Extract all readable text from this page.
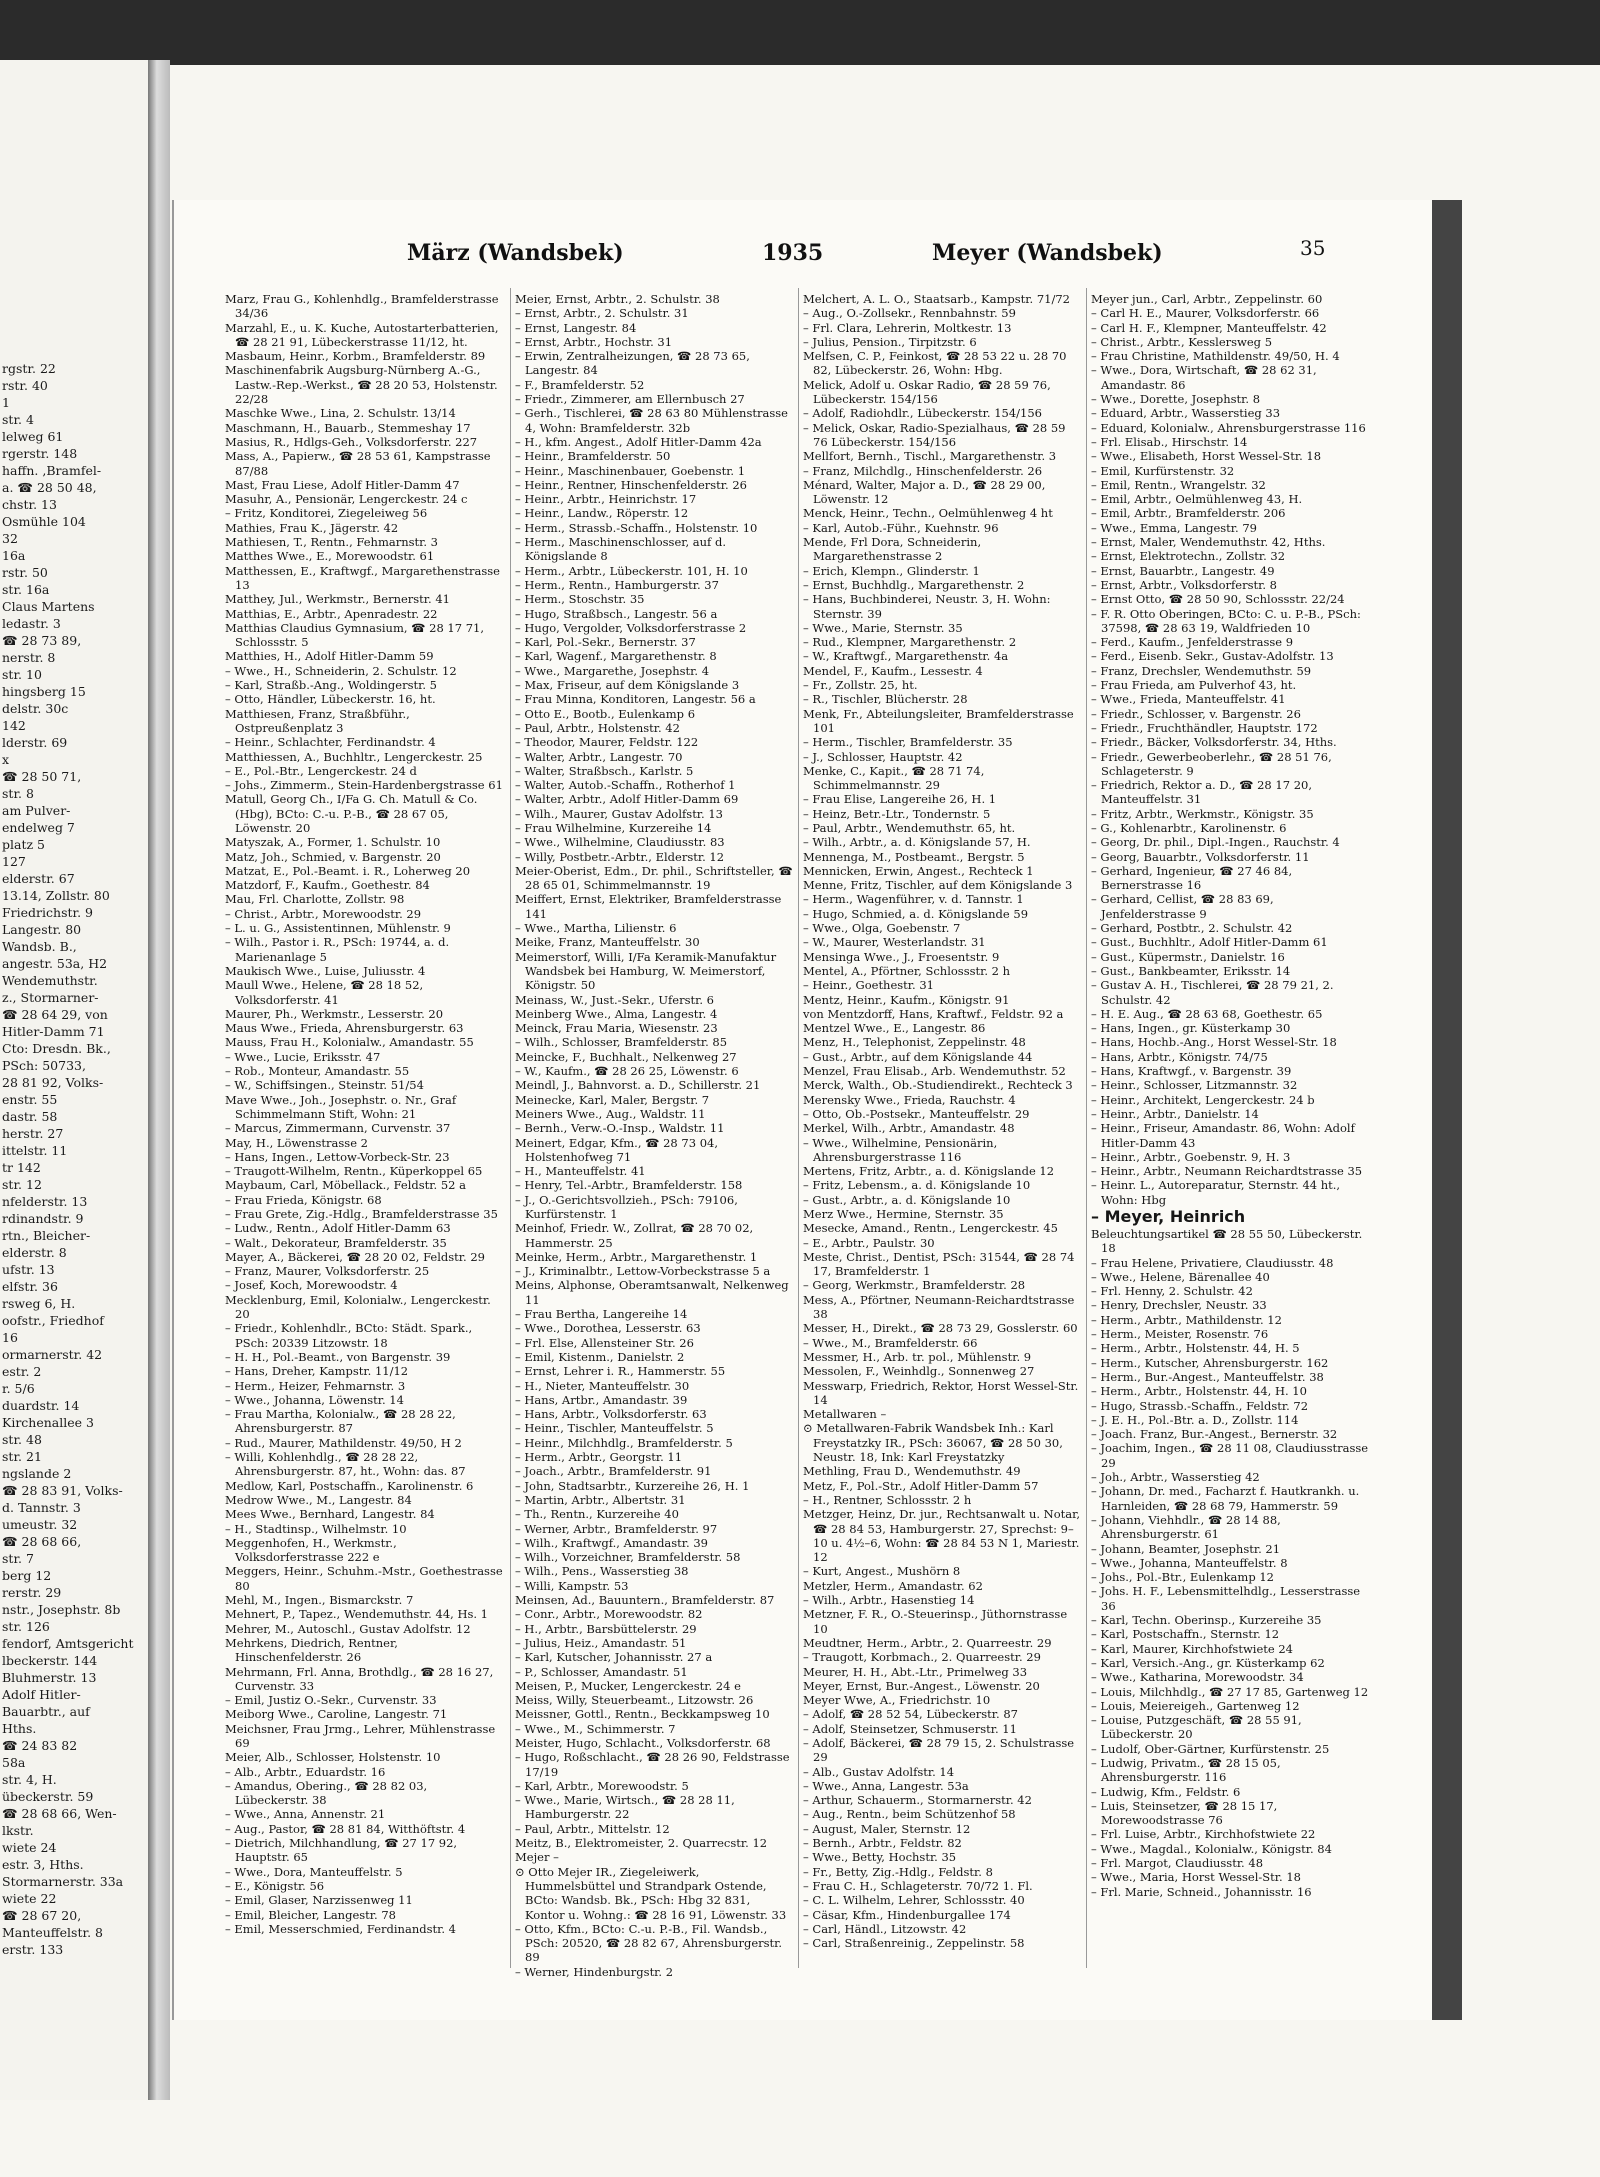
rgstr. 22
rstr. 40
1
str. 4
lelweg 61
rgerstr. 148
haffn. ,Bramfel-
a. ☎ 28 50 48,
chstr. 13
Osmühle 104
32
16a
rstr. 50
str. 16a
Claus Martens
ledastr. 3
☎ 28 73 89,
nerstr. 8
str. 10
hingsberg 15
delstr. 30c
142
lderstr. 69
x
☎ 28 50 71,
str. 8
am Pulver-
endelweg 7
platz 5
127
elderstr. 67
13.14, Zollstr. 80
Friedrichstr. 9
Langestr. 80
Wandsb. B.,
angestr. 53a, H2
Wendemuthstr.
z., Stormarner-
☎ 28 64 29, von
Hitler-Damm 71
Cto: Dresdn. Bk.,
PSch: 50733,
28 81 92, Volks-
enstr. 55
dastr. 58
herstr. 27
ittelstr. 11
tr 142
str. 12
nfelderstr. 13
rdinandstr. 9
rtn., Bleicher-
elderstr. 8
ufstr. 13
elfstr. 36
rsweg 6, H.
oofstr., Friedhof
16
ormarnerstr. 42
estr. 2
r. 5/6
duardstr. 14
Kirchenallee 3
str. 48
str. 21
ngslande 2
☎ 28 83 91, Volks-
d. Tannstr. 3
umeustr. 32
☎ 28 68 66,
str. 7
berg 12
rerstr. 29
nstr., Josephstr. 8b
str. 126
fendorf, Amtsgericht
lbeckerstr. 144
Bluhmerstr. 13
Adolf Hitler-
Bauarbtr., auf
Hths.
☎ 24 83 82
58a
str. 4, H.
übeckerstr. 59
☎ 28 68 66, Wen-
lkstr.
wiete 24
estr. 3, Hths.
Stormarnerstr. 33a
wiete 22
☎ 28 67 20,
Manteuffelstr. 8
erstr. 133
März (Wandsbek)	1935	Meyer (Wandsbek)	35

Marz, Frau G., Kohlenhdlg., Bramfelderstrasse 34/36

Marzahl, E., u. K. Kuche, Autostarterbatterien, ☎ 28 21 91, Lübeckerstrasse 11/12, ht.

Masbaum, Heinr., Korbm., Bramfelderstr. 89

Maschinenfabrik Augsburg-Nürnberg A.-G., Lastw.-Rep.-Werkst., ☎ 28 20 53, Holstenstr. 22/28

Maschke Wwe., Lina, 2. Schulstr. 13/14

Maschmann, H., Bauarb., Stemmeshay 17

Masius, R., Hdlgs-Geh., Volksdorferstr. 227

Mass, A., Papierw., ☎ 28 53 61, Kampstrasse 87/88

Mast, Frau Liese, Adolf Hitler-Damm 47

Masuhr, A., Pensionär, Lengerckestr. 24 c

– Fritz, Konditorei, Ziegeleiweg 56

Mathies, Frau K., Jägerstr. 42

Mathiesen, T., Rentn., Fehmarnstr. 3

Matthes Wwe., E., Morewoodstr. 61

Matthessen, E., Kraftwgf., Margarethenstrasse 13

Matthey, Jul., Werkmstr., Bernerstr. 41

Matthias, E., Arbtr., Apenradestr. 22

Matthias Claudius Gymnasium, ☎ 28 17 71, Schlossstr. 5

Matthies, H., Adolf Hitler-Damm 59

– Wwe., H., Schneiderin, 2. Schulstr. 12

– Karl, Straßb.-Ang., Woldingerstr. 5

– Otto, Händler, Lübeckerstr. 16, ht.

Matthiesen, Franz, Straßbführ., Ostpreußenplatz 3

– Heinr., Schlachter, Ferdinandstr. 4

Matthiessen, A., Buchhltr., Lengerckestr. 25

– E., Pol.-Btr., Lengerckestr. 24 d

– Johs., Zimmerm., Stein-Hardenbergstrasse 61

Matull, Georg Ch., I/Fa G. Ch. Matull & Co. (Hbg), BCto: C.-u. P.-B., ☎ 28 67 05, Löwenstr. 20

Matyszak, A., Former, 1. Schulstr. 10

Matz, Joh., Schmied, v. Bargenstr. 20

Matzat, E., Pol.-Beamt. i. R., Loherweg 20

Matzdorf, F., Kaufm., Goethestr. 84

Mau, Frl. Charlotte, Zollstr. 98

– Christ., Arbtr., Morewoodstr. 29

– L. u. G., Assistentinnen, Mühlenstr. 9

– Wilh., Pastor i. R., PSch: 19744, a. d. Marienanlage 5

Maukisch Wwe., Luise, Juliusstr. 4

Maull Wwe., Helene, ☎ 28 18 52, Volksdorferstr. 41

Maurer, Ph., Werkmstr., Lesserstr. 20

Maus Wwe., Frieda, Ahrensburgerstr. 63

Mauss, Frau H., Kolonialw., Amandastr. 55

– Wwe., Lucie, Eriksstr. 47

– Rob., Monteur, Amandastr. 55

– W., Schiffsingen., Steinstr. 51/54

Mave Wwe., Joh., Josephstr. o. Nr., Graf Schimmelmann Stift, Wohn: 21

– Marcus, Zimmermann, Curvenstr. 37

May, H., Löwenstrasse 2

– Hans, Ingen., Lettow-Vorbeck-Str. 23

– Traugott-Wilhelm, Rentn., Küperkoppel 65

Maybaum, Carl, Möbellack., Feldstr. 52 a

– Frau Frieda, Königstr. 68

– Frau Grete, Zig.-Hdlg., Bramfelderstrasse 35

– Ludw., Rentn., Adolf Hitler-Damm 63

– Walt., Dekorateur, Bramfelderstr. 35

Mayer, A., Bäckerei, ☎ 28 20 02, Feldstr. 29

– Franz, Maurer, Volksdorferstr. 25

– Josef, Koch, Morewoodstr. 4

Mecklenburg, Emil, Kolonialw., Lengerckestr. 20

– Friedr., Kohlenhdlr., BCto: Städt. Spark., PSch: 20339 Litzowstr. 18

– H. H., Pol.-Beamt., von Bargenstr. 39

– Hans, Dreher, Kampstr. 11/12

– Herm., Heizer, Fehmarnstr. 3

– Wwe., Johanna, Löwenstr. 14

– Frau Martha, Kolonialw., ☎ 28 28 22, Ahrensburgerstr. 87

– Rud., Maurer, Mathildenstr. 49/50, H 2

– Willi, Kohlenhdlg., ☎ 28 28 22, Ahrensburgerstr. 87, ht., Wohn: das. 87

Medlow, Karl, Postschaffn., Karolinenstr. 6

Medrow Wwe., M., Langestr. 84

Mees Wwe., Bernhard, Langestr. 84

– H., Stadtinsp., Wilhelmstr. 10

Meggenhofen, H., Werkmstr., Volksdorferstrasse 222 e

Meggers, Heinr., Schuhm.-Mstr., Goethestrasse 80

Mehl, M., Ingen., Bismarckstr. 7

Mehnert, P., Tapez., Wendemuthstr. 44, Hs. 1

Mehrer, M., Autoschl., Gustav Adolfstr. 12

Mehrkens, Diedrich, Rentner, Hinschenfelderstr. 26

Mehrmann, Frl. Anna, Brothdlg., ☎ 28 16 27, Curvenstr. 33

– Emil, Justiz O.-Sekr., Curvenstr. 33

Meiborg Wwe., Caroline, Langestr. 71

Meichsner, Frau Jrmg., Lehrer, Mühlenstrasse 69

Meier, Alb., Schlosser, Holstenstr. 10

– Alb., Arbtr., Eduardstr. 16

– Amandus, Obering., ☎ 28 82 03, Lübeckerstr. 38

– Wwe., Anna, Annenstr. 21

– Aug., Pastor, ☎ 28 81 84, Witthöftstr. 4

– Dietrich, Milchhandlung, ☎ 27 17 92, Hauptstr. 65

– Wwe., Dora, Manteuffelstr. 5

– E., Königstr. 56

– Emil, Glaser, Narzissenweg 11

– Emil, Bleicher, Langestr. 78

– Emil, Messerschmied, Ferdinandstr. 4

Meier, Ernst, Arbtr., 2. Schulstr. 38

– Ernst, Arbtr., 2. Schulstr. 31

– Ernst, Langestr. 84

– Ernst, Arbtr., Hochstr. 31

– Erwin, Zentralheizungen, ☎ 28 73 65, Langestr. 84

– F., Bramfelderstr. 52

– Friedr., Zimmerer, am Ellernbusch 27

– Gerh., Tischlerei, ☎ 28 63 80 Mühlenstrasse 4, Wohn: Bramfelderstr. 32b

– H., kfm. Angest., Adolf Hitler-Damm 42a

– Heinr., Bramfelderstr. 50

– Heinr., Maschinenbauer, Goebenstr. 1

– Heinr., Rentner, Hinschenfelderstr. 26

– Heinr., Arbtr., Heinrichstr. 17

– Heinr., Landw., Röperstr. 12

– Herm., Strassb.-Schaffn., Holstenstr. 10

– Herm., Maschinenschlosser, auf d. Königslande 8

– Herm., Arbtr., Lübeckerstr. 101, H. 10

– Herm., Rentn., Hamburgerstr. 37

– Herm., Stoschstr. 35

– Hugo, Straßbsch., Langestr. 56 a

– Hugo, Vergolder, Volksdorferstrasse 2

– Karl, Pol.-Sekr., Bernerstr. 37

– Karl, Wagenf., Margarethenstr. 8

– Wwe., Margarethe, Josephstr. 4

– Max, Friseur, auf dem Königslande 3

– Frau Minna, Konditoren, Langestr. 56 a

– Otto E., Bootb., Eulenkamp 6

– Paul, Arbtr., Holstenstr. 42

– Theodor, Maurer, Feldstr. 122

– Walter, Arbtr., Langestr. 70

– Walter, Straßbsch., Karlstr. 5

– Walter, Autob.-Schaffn., Rotherhof 1

– Walter, Arbtr., Adolf Hitler-Damm 69

– Wilh., Maurer, Gustav Adolfstr. 13

– Frau Wilhelmine, Kurzereihe 14

– Wwe., Wilhelmine, Claudiusstr. 83

– Willy, Postbetr.-Arbtr., Elderstr. 12

Meier-Oberist, Edm., Dr. phil., Schriftsteller, ☎ 28 65 01, Schimmelmannstr. 19

Meiffert, Ernst, Elektriker, Bramfelderstrasse 141

– Wwe., Martha, Lilienstr. 6

Meike, Franz, Manteuffelstr. 30

Meimerstorf, Willi, I/Fa Keramik-Manufaktur Wandsbek bei Hamburg, W. Meimerstorf, Königstr. 50

Meinass, W., Just.-Sekr., Uferstr. 6

Meinberg Wwe., Alma, Langestr. 4

Meinck, Frau Maria, Wiesenstr. 23

– Wilh., Schlosser, Bramfelderstr. 85

Meincke, F., Buchhalt., Nelkenweg 27

– W., Kaufm., ☎ 28 26 25, Löwenstr. 6

Meindl, J., Bahnvorst. a. D., Schillerstr. 21

Meinecke, Karl, Maler, Bergstr. 7

Meiners Wwe., Aug., Waldstr. 11

– Bernh., Verw.-O.-Insp., Waldstr. 11

Meinert, Edgar, Kfm., ☎ 28 73 04, Holstenhofweg 71

– H., Manteuffelstr. 41

– Henry, Tel.-Arbtr., Bramfelderstr. 158

– J., O.-Gerichtsvollzieh., PSch: 79106, Kurfürstenstr. 1

Meinhof, Friedr. W., Zollrat, ☎ 28 70 02, Hammerstr. 25

Meinke, Herm., Arbtr., Margarethenstr. 1

– J., Kriminalbtr., Lettow-Vorbeckstrasse 5 a

Meins, Alphonse, Oberamtsanwalt, Nelkenweg 11

– Frau Bertha, Langereihe 14

– Wwe., Dorothea, Lesserstr. 63

– Frl. Else, Allensteiner Str. 26

– Emil, Kistenm., Danielstr. 2

– Ernst, Lehrer i. R., Hammerstr. 55

– H., Nieter, Manteuffelstr. 30

– Hans, Artbr., Amandastr. 39

– Hans, Arbtr., Volksdorferstr. 63

– Heinr., Tischler, Manteuffelstr. 5

– Heinr., Milchhdlg., Bramfelderstr. 5

– Herm., Arbtr., Georgstr. 11

– Joach., Arbtr., Bramfelderstr. 91

– John, Stadtsarbtr., Kurzereihe 26, H. 1

– Martin, Arbtr., Albertstr. 31

– Th., Rentn., Kurzereihe 40

– Werner, Arbtr., Bramfelderstr. 97

– Wilh., Kraftwgf., Amandastr. 39

– Wilh., Vorzeichner, Bramfelderstr. 58

– Wilh., Pens., Wasserstieg 38

– Willi, Kampstr. 53

Meinsen, Ad., Bauuntern., Bramfelderstr. 87

– Conr., Arbtr., Morewoodstr. 82

– H., Arbtr., Barsbüttelerstr. 29

– Julius, Heiz., Amandastr. 51

– Karl, Kutscher, Johannisstr. 27 a

– P., Schlosser, Amandastr. 51

Meisen, P., Mucker, Lengerckestr. 24 e

Meiss, Willy, Steuerbeamt., Litzowstr. 26

Meissner, Gottl., Rentn., Beckkampsweg 10

– Wwe., M., Schimmerstr. 7

Meister, Hugo, Schlacht., Volksdorferstr. 68

– Hugo, Roßschlacht., ☎ 28 26 90, Feldstrasse 17/19

– Karl, Arbtr., Morewoodstr. 5

– Wwe., Marie, Wirtsch., ☎ 28 28 11, Hamburgerstr. 22

– Paul, Arbtr., Mittelstr. 12

Meitz, B., Elektromeister, 2. Quarrecstr. 12

Mejer –

⊙ Otto Mejer IR., Ziegeleiwerk, Hummelsbüttel und Strandpark Ostende, BCto: Wandsb. Bk., PSch: Hbg 32 831, Kontor u. Wohng.: ☎ 28 16 91, Löwenstr. 33

– Otto, Kfm., BCto: C.-u. P.-B., Fil. Wandsb., PSch: 20520, ☎ 28 82 67, Ahrensburgerstr. 89

– Werner, Hindenburgstr. 2

Melchert, A. L. O., Staatsarb., Kampstr. 71/72

– Aug., O.-Zollsekr., Rennbahnstr. 59

– Frl. Clara, Lehrerin, Moltkestr. 13

– Julius, Pension., Tirpitzstr. 6

Melfsen, C. P., Feinkost, ☎ 28 53 22 u. 28 70 82, Lübeckerstr. 26, Wohn: Hbg.

Melick, Adolf u. Oskar Radio, ☎ 28 59 76, Lübeckerstr. 154/156

– Adolf, Radiohdlr., Lübeckerstr. 154/156

– Melick, Oskar, Radio-Spezialhaus, ☎ 28 59 76 Lübeckerstr. 154/156

Mellfort, Bernh., Tischl., Margarethenstr. 3

– Franz, Milchdlg., Hinschenfelderstr. 26

Ménard, Walter, Major a. D., ☎ 28 29 00, Löwenstr. 12

Menck, Heinr., Techn., Oelmühlenweg 4 ht

– Karl, Autob.-Führ., Kuehnstr. 96

Mende, Frl Dora, Schneiderin, Margarethenstrasse 2

– Erich, Klempn., Glinderstr. 1

– Ernst, Buchhdlg., Margarethenstr. 2

– Hans, Buchbinderei, Neustr. 3, H. Wohn: Sternstr. 39

– Wwe., Marie, Sternstr. 35

– Rud., Klempner, Margarethenstr. 2

– W., Kraftwgf., Margarethenstr. 4a

Mendel, F., Kaufm., Lessestr. 4

– Fr., Zollstr. 25, ht.

– R., Tischler, Blücherstr. 28

Menk, Fr., Abteilungsleiter, Bramfelderstrasse 101

– Herm., Tischler, Bramfelderstr. 35

– J., Schlosser, Hauptstr. 42

Menke, C., Kapit., ☎ 28 71 74, Schimmelmannstr. 29

– Frau Elise, Langereihe 26, H. 1

– Heinz, Betr.-Ltr., Tondernstr. 5

– Paul, Arbtr., Wendemuthstr. 65, ht.

– Wilh., Arbtr., a. d. Königslande 57, H.

Mennenga, M., Postbeamt., Bergstr. 5

Mennicken, Erwin, Angest., Rechteck 1

Menne, Fritz, Tischler, auf dem Königslande 3

– Herm., Wagenführer, v. d. Tannstr. 1

– Hugo, Schmied, a. d. Königslande 59

– Wwe., Olga, Goebenstr. 7

– W., Maurer, Westerlandstr. 31

Mensinga Wwe., J., Froesentstr. 9

Mentel, A., Pförtner, Schlossstr. 2 h

– Heinr., Goethestr. 31

Mentz, Heinr., Kaufm., Königstr. 91

von Mentzdorff, Hans, Kraftwf., Feldstr. 92 a

Mentzel Wwe., E., Langestr. 86

Menz, H., Telephonist, Zeppelinstr. 48

– Gust., Arbtr., auf dem Königslande 44

Menzel, Frau Elisab., Arb. Wendemuthstr. 52

Merck, Walth., Ob.-Studiendirekt., Rechteck 3

Merensky Wwe., Frieda, Rauchstr. 4

– Otto, Ob.-Postsekr., Manteuffelstr. 29

Merkel, Wilh., Arbtr., Amandastr. 48

– Wwe., Wilhelmine, Pensionärin, Ahrensburgerstrasse 116

Mertens, Fritz, Arbtr., a. d. Königslande 12

– Fritz, Lebensm., a. d. Königslande 10

– Gust., Arbtr., a. d. Königslande 10

Merz Wwe., Hermine, Sternstr. 35

Mesecke, Amand., Rentn., Lengerckestr. 45

– E., Arbtr., Paulstr. 30

Meste, Christ., Dentist, PSch: 31544, ☎ 28 74 17, Bramfelderstr. 1

– Georg, Werkmstr., Bramfelderstr. 28

Mess, A., Pförtner, Neumann-Reichardtstrasse 38

Messer, H., Direkt., ☎ 28 73 29, Gosslerstr. 60

– Wwe., M., Bramfelderstr. 66

Messmer, H., Arb. tr. pol., Mühlenstr. 9

Messolen, F., Weinhdlg., Sonnenweg 27

Messwarp, Friedrich, Rektor, Horst Wessel-Str. 14

Metallwaren –

⊙ Metallwaren-Fabrik Wandsbek Inh.: Karl Freystatzky IR., PSch: 36067, ☎ 28 50 30, Neustr. 18, Ink: Karl Freystatzky

Methling, Frau D., Wendemuthstr. 49

Metz, F., Pol.-Str., Adolf Hitler-Damm 57

– H., Rentner, Schlossstr. 2 h

Metzger, Heinz, Dr. jur., Rechtsanwalt u. Notar, ☎ 28 84 53, Hamburgerstr. 27, Sprechst: 9–10 u. 4½–6, Wohn: ☎ 28 84 53 N 1, Mariestr. 12

– Kurt, Angest., Mushörn 8

Metzler, Herm., Amandastr. 62

– Wilh., Arbtr., Hasenstieg 14

Metzner, F. R., O.-Steuerinsp., Jüthornstrasse 10

Meudtner, Herm., Arbtr., 2. Quarreestr. 29

– Traugott, Korbmach., 2. Quarreestr. 29

Meurer, H. H., Abt.-Ltr., Primelweg 33

Meyer, Ernst, Bur.-Angest., Löwenstr. 20

Meyer Wwe, A., Friedrichstr. 10

– Adolf, ☎ 28 52 54, Lübeckerstr. 87

– Adolf, Steinsetzer, Schmuserstr. 11

– Adolf, Bäckerei, ☎ 28 79 15, 2. Schulstrasse 29

– Alb., Gustav Adolfstr. 14

– Wwe., Anna, Langestr. 53a

– Arthur, Schauerm., Stormarnerstr. 42

– Aug., Rentn., beim Schützenhof 58

– August, Maler, Sternstr. 12

– Bernh., Arbtr., Feldstr. 82

– Wwe., Betty, Hochstr. 35

– Fr., Betty, Zig.-Hdlg., Feldstr. 8

– Frau C. H., Schlageterstr. 70/72 1. Fl.

– C. L. Wilhelm, Lehrer, Schlossstr. 40

– Cäsar, Kfm., Hindenburgallee 174

– Carl, Händl., Litzowstr. 42

– Carl, Straßenreinig., Zeppelinstr. 58

Meyer jun., Carl, Arbtr., Zeppelinstr. 60

– Carl H. E., Maurer, Volksdorferstr. 66

– Carl H. F., Klempner, Manteuffelstr. 42

– Christ., Arbtr., Kesslersweg 5

– Frau Christine, Mathildenstr. 49/50, H. 4

– Wwe., Dora, Wirtschaft, ☎ 28 62 31, Amandastr. 86

– Wwe., Dorette, Josephstr. 8

– Eduard, Arbtr., Wasserstieg 33

– Eduard, Kolonialw., Ahrensburgerstrasse 116

– Frl. Elisab., Hirschstr. 14

– Wwe., Elisabeth, Horst Wessel-Str. 18

– Emil, Kurfürstenstr. 32

– Emil, Rentn., Wrangelstr. 32

– Emil, Arbtr., Oelmühlenweg 43, H.

– Emil, Arbtr., Bramfelderstr. 206

– Wwe., Emma, Langestr. 79

– Ernst, Maler, Wendemuthstr. 42, Hths.

– Ernst, Elektrotechn., Zollstr. 32

– Ernst, Bauarbtr., Langestr. 49

– Ernst, Arbtr., Volksdorferstr. 8

– Ernst Otto, ☎ 28 50 90, Schlossstr. 22/24

– F. R. Otto Oberingen, BCto: C. u. P.-B., PSch: 37598, ☎ 28 63 19, Waldfrieden 10

– Ferd., Kaufm., Jenfelderstrasse 9

– Ferd., Eisenb. Sekr., Gustav-Adolfstr. 13

– Franz, Drechsler, Wendemuthstr. 59

– Frau Frieda, am Pulverhof 43, ht.

– Wwe., Frieda, Manteuffelstr. 41

– Friedr., Schlosser, v. Bargenstr. 26

– Friedr., Fruchthändler, Hauptstr. 172

– Friedr., Bäcker, Volksdorferstr. 34, Hths.

– Friedr., Gewerbeoberlehr., ☎ 28 51 76, Schlageterstr. 9

– Friedrich, Rektor a. D., ☎ 28 17 20, Manteuffelstr. 31

– Fritz, Arbtr., Werkmstr., Königstr. 35

– G., Kohlenarbtr., Karolinenstr. 6

– Georg, Dr. phil., Dipl.-Ingen., Rauchstr. 4

– Georg, Bauarbtr., Volksdorferstr. 11

– Gerhard, Ingenieur, ☎ 27 46 84, Bernerstrasse 16

– Gerhard, Cellist, ☎ 28 83 69, Jenfelderstrasse 9

– Gerhard, Postbtr., 2. Schulstr. 42

– Gust., Buchhltr., Adolf Hitler-Damm 61

– Gust., Küpermstr., Danielstr. 16

– Gust., Bankbeamter, Eriksstr. 14

– Gustav A. H., Tischlerei, ☎ 28 79 21, 2. Schulstr. 42

– H. E. Aug., ☎ 28 63 68, Goethestr. 65

– Hans, Ingen., gr. Küsterkamp 30

– Hans, Hochb.-Ang., Horst Wessel-Str. 18

– Hans, Arbtr., Königstr. 74/75

– Hans, Kraftwgf., v. Bargenstr. 39

– Heinr., Schlosser, Litzmannstr. 32

– Heinr., Architekt, Lengerckestr. 24 b

– Heinr., Arbtr., Danielstr. 14

– Heinr., Friseur, Amandastr. 86, Wohn: Adolf Hitler-Damm 43

– Heinr., Arbtr., Goebenstr. 9, H. 3

– Heinr., Arbtr., Neumann Reichardtstrasse 35

– Heinr. L., Autoreparatur, Sternstr. 44 ht., Wohn: Hbg

– Meyer, Heinrich

Beleuchtungsartikel ☎ 28 55 50, Lübeckerstr. 18

– Frau Helene, Privatiere, Claudiusstr. 48

– Wwe., Helene, Bärenallee 40

– Frl. Henny, 2. Schulstr. 42

– Henry, Drechsler, Neustr. 33

– Herm., Arbtr., Mathildenstr. 12

– Herm., Meister, Rosenstr. 76

– Herm., Arbtr., Holstenstr. 44, H. 5

– Herm., Kutscher, Ahrensburgerstr. 162

– Herm., Bur.-Angest., Manteuffelstr. 38

– Herm., Arbtr., Holstenstr. 44, H. 10

– Hugo, Strassb.-Schaffn., Feldstr. 72

– J. E. H., Pol.-Btr. a. D., Zollstr. 114

– Joach. Franz, Bur.-Angest., Bernerstr. 32

– Joachim, Ingen., ☎ 28 11 08, Claudiusstrasse 29

– Joh., Arbtr., Wasserstieg 42

– Johann, Dr. med., Facharzt f. Hautkrankh. u. Harnleiden, ☎ 28 68 79, Hammerstr. 59

– Johann, Viehhdlr., ☎ 28 14 88, Ahrensburgerstr. 61

– Johann, Beamter, Josephstr. 21

– Wwe., Johanna, Manteuffelstr. 8

– Johs., Pol.-Btr., Eulenkamp 12

– Johs. H. F., Lebensmittelhdlg., Lesserstrasse 36

– Karl, Techn. Oberinsp., Kurzereihe 35

– Karl, Postschaffn., Sternstr. 12

– Karl, Maurer, Kirchhofstwiete 24

– Karl, Versich.-Ang., gr. Küsterkamp 62

– Wwe., Katharina, Morewoodstr. 34

– Louis, Milchhdlg., ☎ 27 17 85, Gartenweg 12

– Louis, Meiereigeh., Gartenweg 12

– Louise, Putzgeschäft, ☎ 28 55 91, Lübeckerstr. 20

– Ludolf, Ober-Gärtner, Kurfürstenstr. 25

– Ludwig, Privatm., ☎ 28 15 05, Ahrensburgerstr. 116

– Ludwig, Kfm., Feldstr. 6

– Luis, Steinsetzer, ☎ 28 15 17, Morewoodstrasse 76

– Frl. Luise, Arbtr., Kirchhofstwiete 22

– Wwe., Magdal., Kolonialw., Königstr. 84

– Frl. Margot, Claudiusstr. 48

– Wwe., Maria, Horst Wessel-Str. 18

– Frl. Marie, Schneid., Johannisstr. 16
